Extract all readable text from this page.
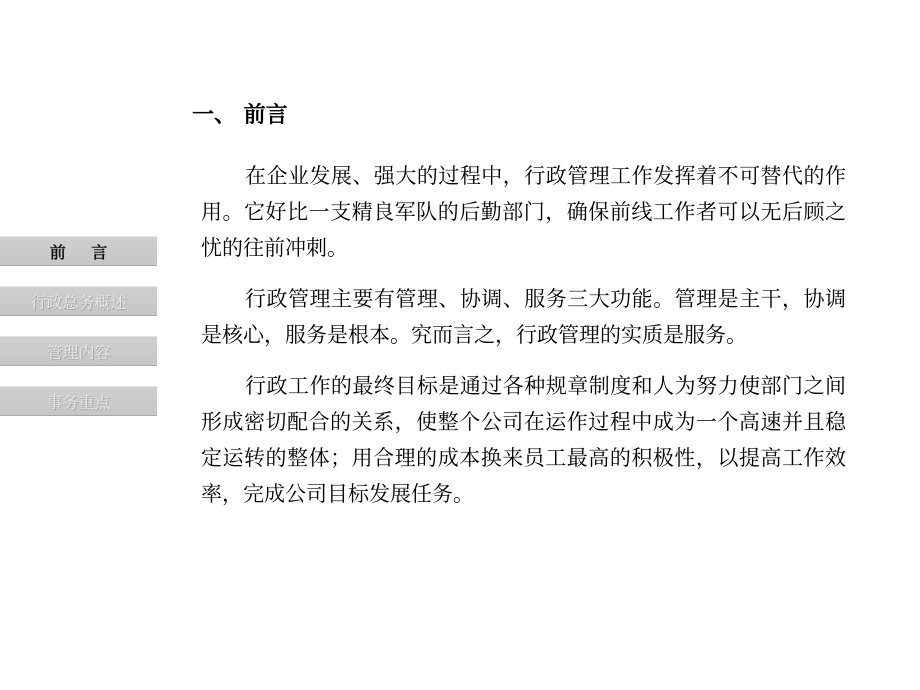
前 言
行政总务概述
管理内容
事务重点
一、 前言

在企业发展、强大的过程中，行政管理工作发挥着不可替代的作用。它好比一支精良军队的后勤部门，确保前线工作者可以无后顾之忧的往前冲刺。

行政管理主要有管理、协调、服务三大功能。管理是主干，协调是核心，服务是根本。究而言之，行政管理的实质是服务。

行政工作的最终目标是通过各种规章制度和人为努力使部门之间形成密切配合的关系，使整个公司在运作过程中成为一个高速并且稳定运转的整体；用合理的成本换来员工最高的积极性，以提高工作效率，完成公司目标发展任务。
